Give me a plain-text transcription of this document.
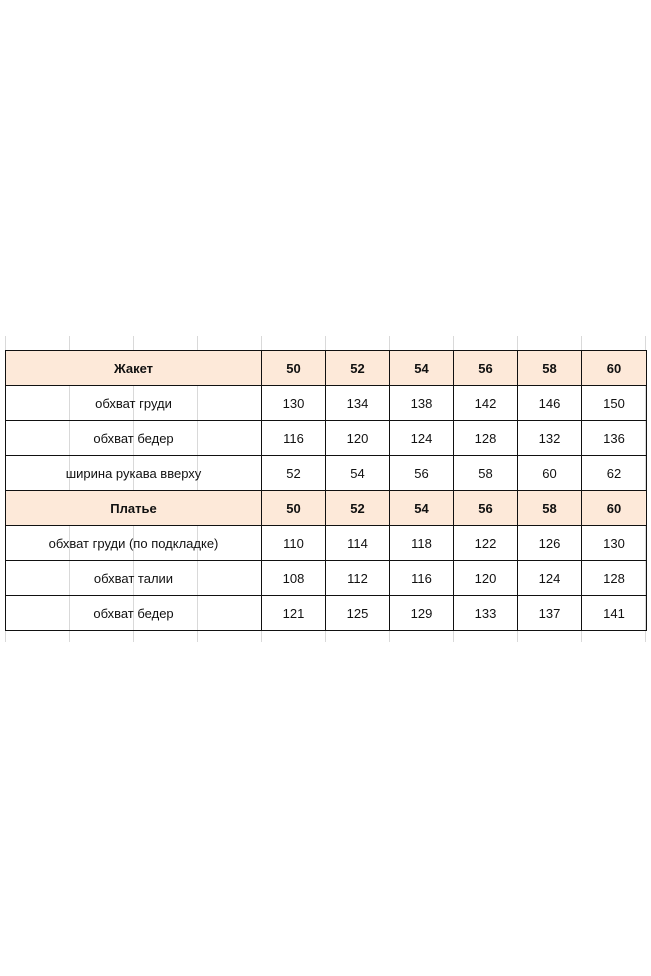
Жакет	50	52	54	56	58	60
обхват груди	130	134	138	142	146	150
обхват бедер	116	120	124	128	132	136
ширина рукава вверху	52	54	56	58	60	62
Платье	50	52	54	56	58	60
обхват груди (по подкладке)	110	114	118	122	126	130
обхват талии	108	112	116	120	124	128
обхват бедер	121	125	129	133	137	141
